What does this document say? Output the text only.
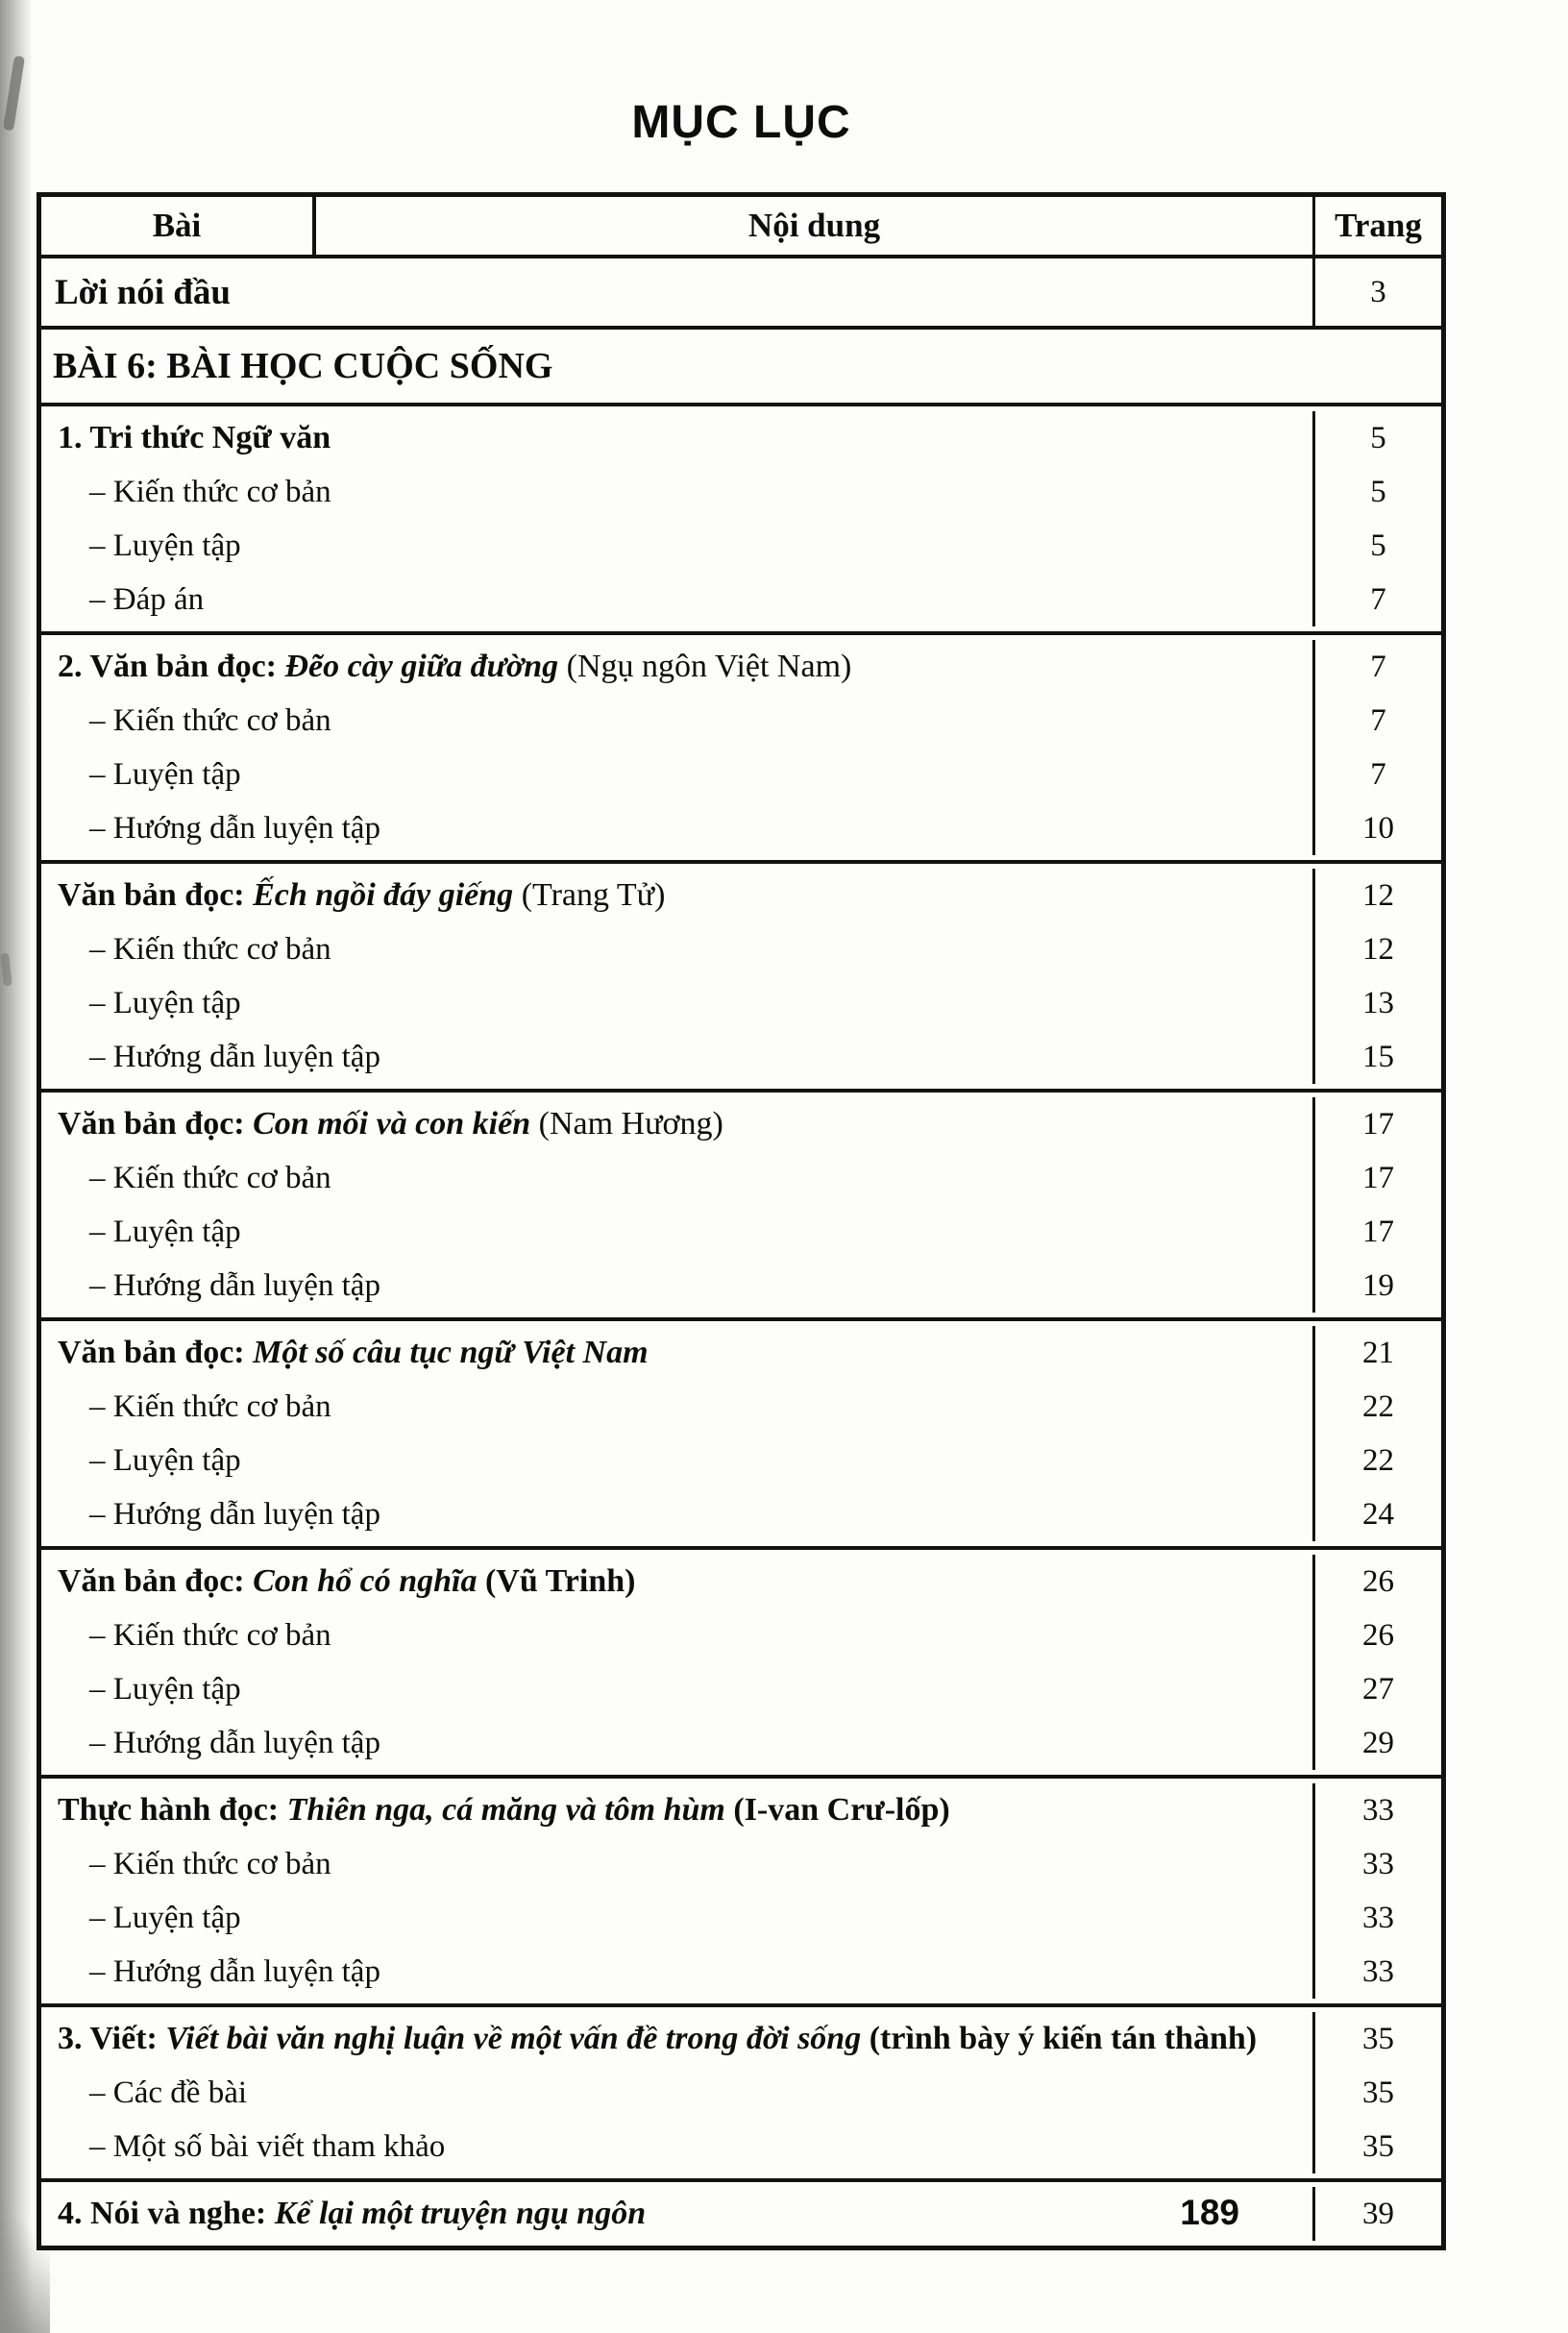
MỤC LỤC
Bài	Nội dung	Trang
Lời nói đầu	3
BÀI 6: BÀI HỌC CUỘC SỐNG
1. Tri thức Ngữ văn	5
– Kiến thức cơ bản	5
– Luyện tập	5
– Đáp án	7
2. Văn bản đọc: Đẽo cày giữa đường (Ngụ ngôn Việt Nam)	7
– Kiến thức cơ bản	7
– Luyện tập	7
– Hướng dẫn luyện tập	10
Văn bản đọc: Ếch ngồi đáy giếng (Trang Tử)	12
– Kiến thức cơ bản	12
– Luyện tập	13
– Hướng dẫn luyện tập	15
Văn bản đọc: Con mối và con kiến (Nam Hương)	17
– Kiến thức cơ bản	17
– Luyện tập	17
– Hướng dẫn luyện tập	19
Văn bản đọc: Một số câu tục ngữ Việt Nam	21
– Kiến thức cơ bản	22
– Luyện tập	22
– Hướng dẫn luyện tập	24
Văn bản đọc: Con hổ có nghĩa (Vũ Trinh)	26
– Kiến thức cơ bản	26
– Luyện tập	27
– Hướng dẫn luyện tập	29
Thực hành đọc: Thiên nga, cá măng và tôm hùm (I-van Crư-lốp)	33
– Kiến thức cơ bản	33
– Luyện tập	33
– Hướng dẫn luyện tập	33
3. Viết: Viết bài văn nghị luận về một vấn đề trong đời sống (trình bày ý kiến tán thành)	35
– Các đề bài	35
– Một số bài viết tham khảo	35
4. Nói và nghe: Kể lại một truyện ngụ ngôn	39
189
